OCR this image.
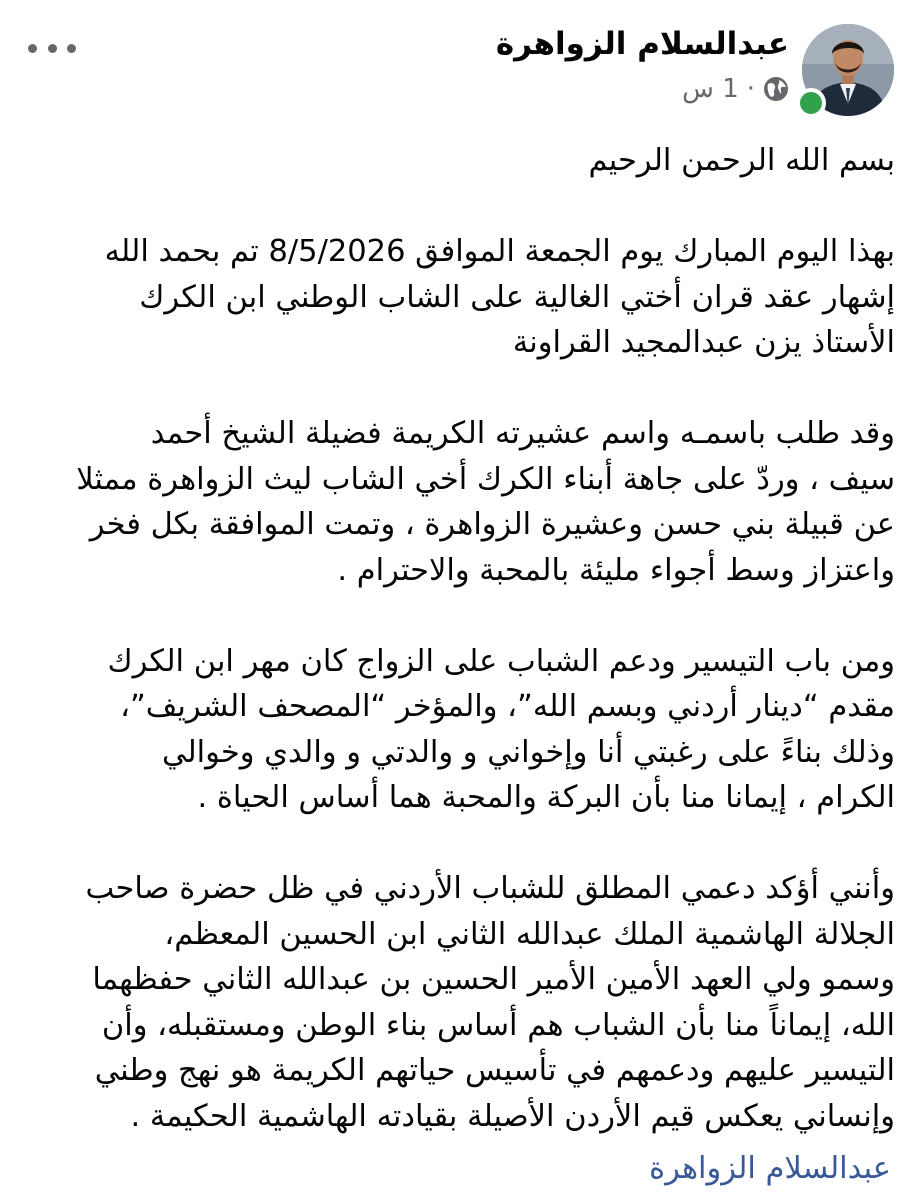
عبدالسلام الزواهرة
1 س ·

بسم الله الرحمن الرحيم

بهذا اليوم المبارك يوم الجمعة الموافق 8/5/2026 تم بحمد الله
إشهار عقد قران أختي الغالية على الشاب الوطني ابن الكرك
الأستاذ يزن عبدالمجيد القراونة

وقد طلب باسمـه واسم عشيرته الكريمة فضيلة الشيخ أحمد
سيف ، وردّ على جاهة أبناء الكرك أخي الشاب ليث الزواهرة ممثلا
عن قبيلة بني حسن وعشيرة الزواهرة ، وتمت الموافقة بكل فخر
واعتزاز وسط أجواء مليئة بالمحبة والاحترام .

ومن باب التيسير ودعم الشباب على الزواج كان مهر ابن الكرك
مقدم “دينار أردني وبسم الله”، والمؤخر “المصحف الشريف”،
وذلك بناءً على رغبتي أنا وإخواني و والدتي و والدي وخوالي
الكرام ، إيمانا منا بأن البركة والمحبة هما أساس الحياة .

وأنني أؤكد دعمي المطلق للشباب الأردني في ظل حضرة صاحب
الجلالة الهاشمية الملك عبدالله الثاني ابن الحسين المعظم،
وسمو ولي العهد الأمين الأمير الحسين بن عبدالله الثاني حفظهما
الله، إيماناً منا بأن الشباب هم أساس بناء الوطن ومستقبله، وأن
التيسير عليهم ودعمهم في تأسيس حياتهم الكريمة هو نهج وطني
وإنساني يعكس قيم الأردن الأصيلة بقيادته الهاشمية الحكيمة .

عبدالسلام الزواهرة
